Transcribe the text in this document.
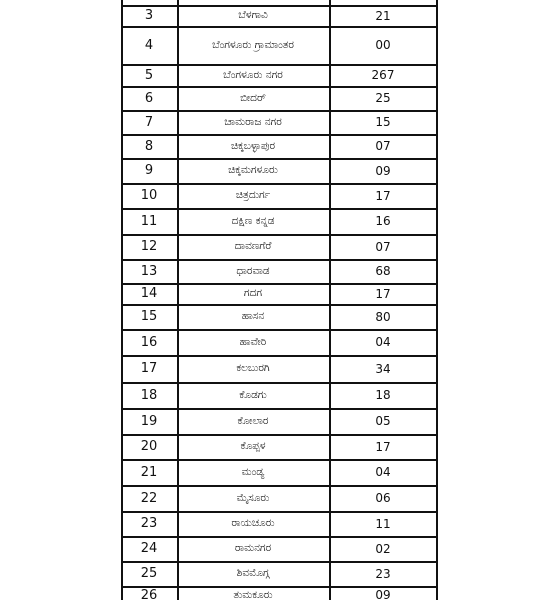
3	ಬೆಳಗಾವಿ	21
4	ಬೆಂಗಳೂರು ಗ್ರಾಮಾಂತರ	00
5	ಬೆಂಗಳೂರು ನಗರ	267
6	ಬೀದರ್	25
7	ಚಾಮರಾಜ ನಗರ	15
8	ಚಿಕ್ಕಬಳ್ಳಾಪುರ	07
9	ಚಿಕ್ಕಮಗಳೂರು	09
10	ಚಿತ್ರದುರ್ಗ	17
11	ದಕ್ಷಿಣ ಕನ್ನಡ	16
12	ದಾವಣಗೆರೆ	07
13	ಧಾರವಾಡ	68
14	ಗದಗ	17
15	ಹಾಸನ	80
16	ಹಾವೇರಿ	04
17	ಕಲಬುರಗಿ	34
18	ಕೊಡಗು	18
19	ಕೋಲಾರ	05
20	ಕೊಪ್ಪಳ	17
21	ಮಂಡ್ಯ	04
22	ಮೈಸೂರು	06
23	ರಾಯಚೂರು	11
24	ರಾಮನಗರ	02
25	ಶಿವಮೊಗ್ಗ	23
26	ತುಮಕೂರು	09
